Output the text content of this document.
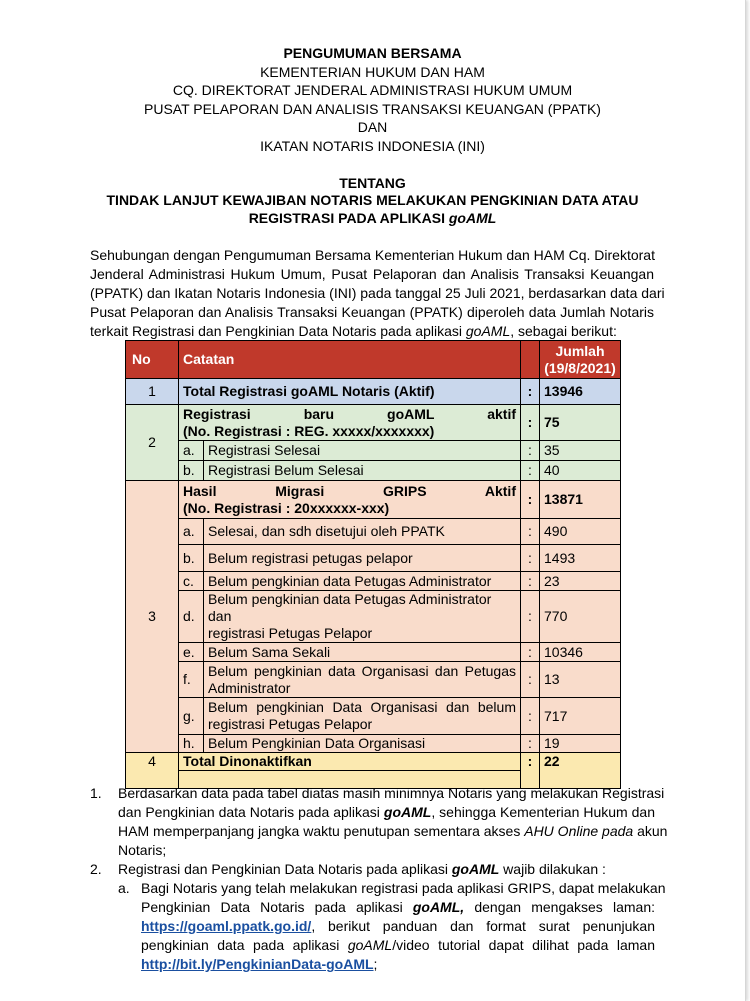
PENGUMUMAN BERSAMA
KEMENTERIAN HUKUM DAN HAM
CQ. DIREKTORAT JENDERAL ADMINISTRASI HUKUM UMUM
PUSAT PELAPORAN DAN ANALISIS TRANSAKSI KEUANGAN (PPATK)
DAN
IKATAN NOTARIS INDONESIA (INI)
TENTANG
TINDAK LANJUT KEWAJIBAN NOTARIS MELAKUKAN PENGKINIAN DATA ATAU
REGISTRASI PADA APLIKASI goAML
Sehubungan dengan Pengumuman Bersama Kementerian Hukum dan HAM Cq. Direktorat
Jenderal Administrasi Hukum Umum, Pusat Pelaporan dan Analisis Transaksi Keuangan
(PPATK) dan Ikatan Notaris Indonesia (INI) pada tanggal 25 Juli 2021, berdasarkan data dari
Pusat Pelaporan dan Analisis Transaksi Keuangan (PPATK) diperoleh data Jumlah Notaris
terkait Registrasi dan Pengkinian Data Notaris pada aplikasi goAML, sebagai berikut:
No	Catatan			Jumlah
(19/8/2021)

1	Total Registrasi goAML Notaris (Aktif)		:	13946
2	Registrasi baru goAML aktif
(No. Registrasi : REG. xxxxx/xxxxxxx)		:	75
	a.	Registrasi Selesai	:	35
	b.	Registrasi Belum Selesai	:	40
3	Hasil Migrasi GRIPS Aktif
(No. Registrasi : 20xxxxxx-xxx)		:	13871
	a.	Selesai, dan sdh disetujui oleh PPATK	:	490
	b.	Belum registrasi petugas pelapor	:	1493
	c.	Belum pengkinian data Petugas Administrator	:	23
	d.	Belum pengkinian data Petugas Administrator dan
registrasi Petugas Pelapor	:	770
	e.	Belum Sama Sekali	:	10346
	f.	Belum pengkinian data Organisasi dan Petugas
Administrator	:	13
	g.	Belum pengkinian Data Organisasi dan belum
registrasi Petugas Pelapor	:	717
	h.	Belum Pengkinian Data Organisasi	:	19
4	Total Dinonaktifkan		:	22

1. Berdasarkan data pada tabel diatas masih minimnya Notaris yang melakukan Registrasi
dan Pengkinian data Notaris pada aplikasi goAML, sehingga Kementerian Hukum dan
HAM memperpanjang jangka waktu penutupan sementara akses AHU Online pada akun
Notaris;
2. Registrasi dan Pengkinian Data Notaris pada aplikasi goAML wajib dilakukan :
a. Bagi Notaris yang telah melakukan registrasi pada aplikasi GRIPS, dapat melakukan
Pengkinian Data Notaris pada aplikasi goAML, dengan mengakses laman:
https://goaml.ppatk.go.id/, berikut panduan dan format surat penunjukan
pengkinian data pada aplikasi goAML/video tutorial dapat dilihat pada laman
http://bit.ly/PengkinianData-goAML;
